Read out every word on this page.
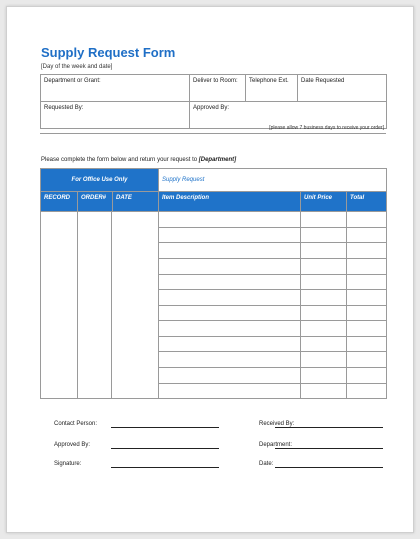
Supply Request Form
[Day of the week and date]
Department or Grant:	Deliver to Room:	Telephone Ext.	Date Requested
Requested By:	Approved By:		
[please allow 7 business days to receive your order]
Please complete the form below and return your request to [Department]
For Office Use Only			Supply Request		
RECORD	ORDER#	DATE	Item Description	Unit Price	Total

Contact Person:
Approved By:
Signature:
Received By:
Department:
Date:
